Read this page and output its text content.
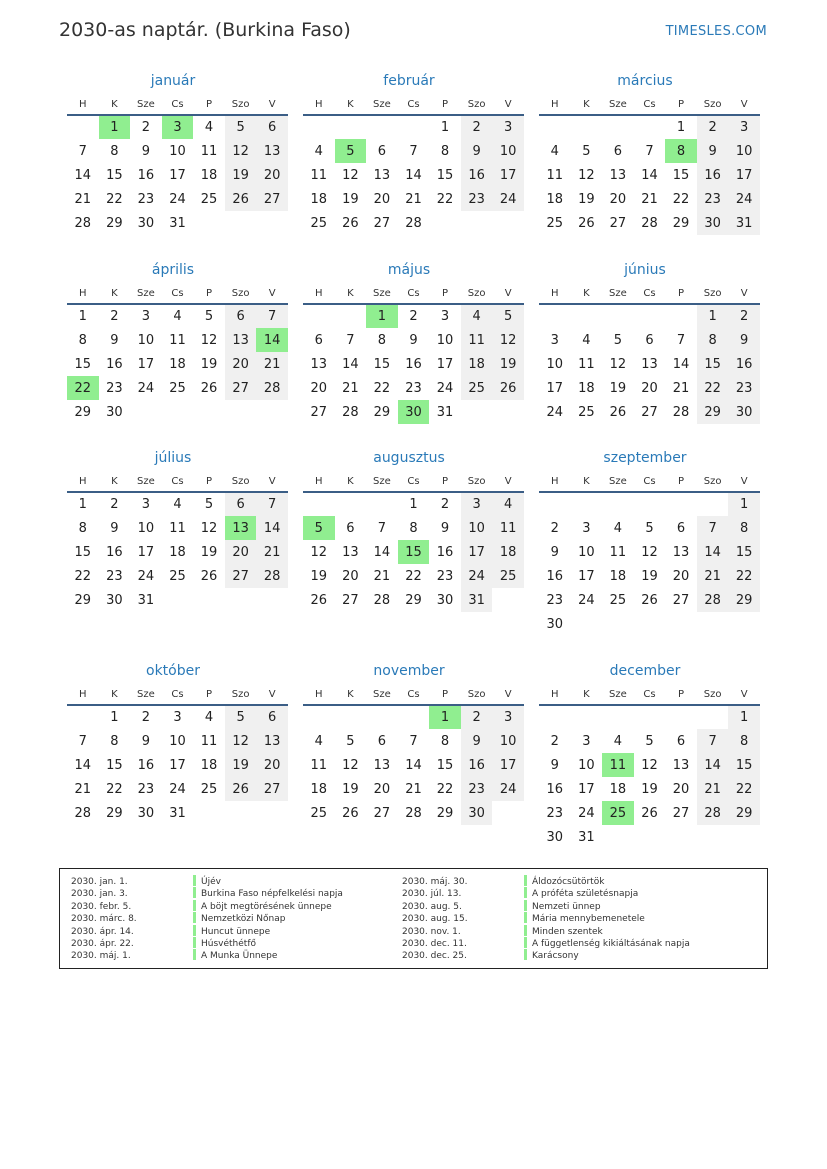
2030-as naptár. (Burkina Faso)	TIMESLES.COM
január
H	K	Sze	Cs	P	Szo	V
	1	2	3	4	5	6
7	8	9	10	11	12	13
14	15	16	17	18	19	20
21	22	23	24	25	26	27
28	29	30	31			
február
H	K	Sze	Cs	P	Szo	V
				1	2	3
4	5	6	7	8	9	10
11	12	13	14	15	16	17
18	19	20	21	22	23	24
25	26	27	28			
március
H	K	Sze	Cs	P	Szo	V
				1	2	3
4	5	6	7	8	9	10
11	12	13	14	15	16	17
18	19	20	21	22	23	24
25	26	27	28	29	30	31
április
H	K	Sze	Cs	P	Szo	V
1	2	3	4	5	6	7
8	9	10	11	12	13	14
15	16	17	18	19	20	21
22	23	24	25	26	27	28
29	30					
május
H	K	Sze	Cs	P	Szo	V
		1	2	3	4	5
6	7	8	9	10	11	12
13	14	15	16	17	18	19
20	21	22	23	24	25	26
27	28	29	30	31		
június
H	K	Sze	Cs	P	Szo	V
					1	2
3	4	5	6	7	8	9
10	11	12	13	14	15	16
17	18	19	20	21	22	23
24	25	26	27	28	29	30
július
H	K	Sze	Cs	P	Szo	V
1	2	3	4	5	6	7
8	9	10	11	12	13	14
15	16	17	18	19	20	21
22	23	24	25	26	27	28
29	30	31				
augusztus
H	K	Sze	Cs	P	Szo	V
			1	2	3	4
5	6	7	8	9	10	11
12	13	14	15	16	17	18
19	20	21	22	23	24	25
26	27	28	29	30	31	
szeptember
H	K	Sze	Cs	P	Szo	V
						1
2	3	4	5	6	7	8
9	10	11	12	13	14	15
16	17	18	19	20	21	22
23	24	25	26	27	28	29
30						
október
H	K	Sze	Cs	P	Szo	V
	1	2	3	4	5	6
7	8	9	10	11	12	13
14	15	16	17	18	19	20
21	22	23	24	25	26	27
28	29	30	31			
november
H	K	Sze	Cs	P	Szo	V
				1	2	3
4	5	6	7	8	9	10
11	12	13	14	15	16	17
18	19	20	21	22	23	24
25	26	27	28	29	30	
december
H	K	Sze	Cs	P	Szo	V
						1
2	3	4	5	6	7	8
9	10	11	12	13	14	15
16	17	18	19	20	21	22
23	24	25	26	27	28	29
30	31					
2030. jan. 1.	Újév
2030. jan. 3.	Burkina Faso népfelkelési napja
2030. febr. 5.	A böjt megtörésének ünnepe
2030. márc. 8.	Nemzetközi Nőnap
2030. ápr. 14.	Huncut ünnepe
2030. ápr. 22.	Húsvéthétfő
2030. máj. 1.	A Munka Ünnepe
2030. máj. 30.	Áldozócsütörtök
2030. júl. 13.	A próféta születésnapja
2030. aug. 5.	Nemzeti ünnep
2030. aug. 15.	Mária mennybemenetele
2030. nov. 1.	Minden szentek
2030. dec. 11.	A függetlenség kikiáltásának napja
2030. dec. 25.	Karácsony
